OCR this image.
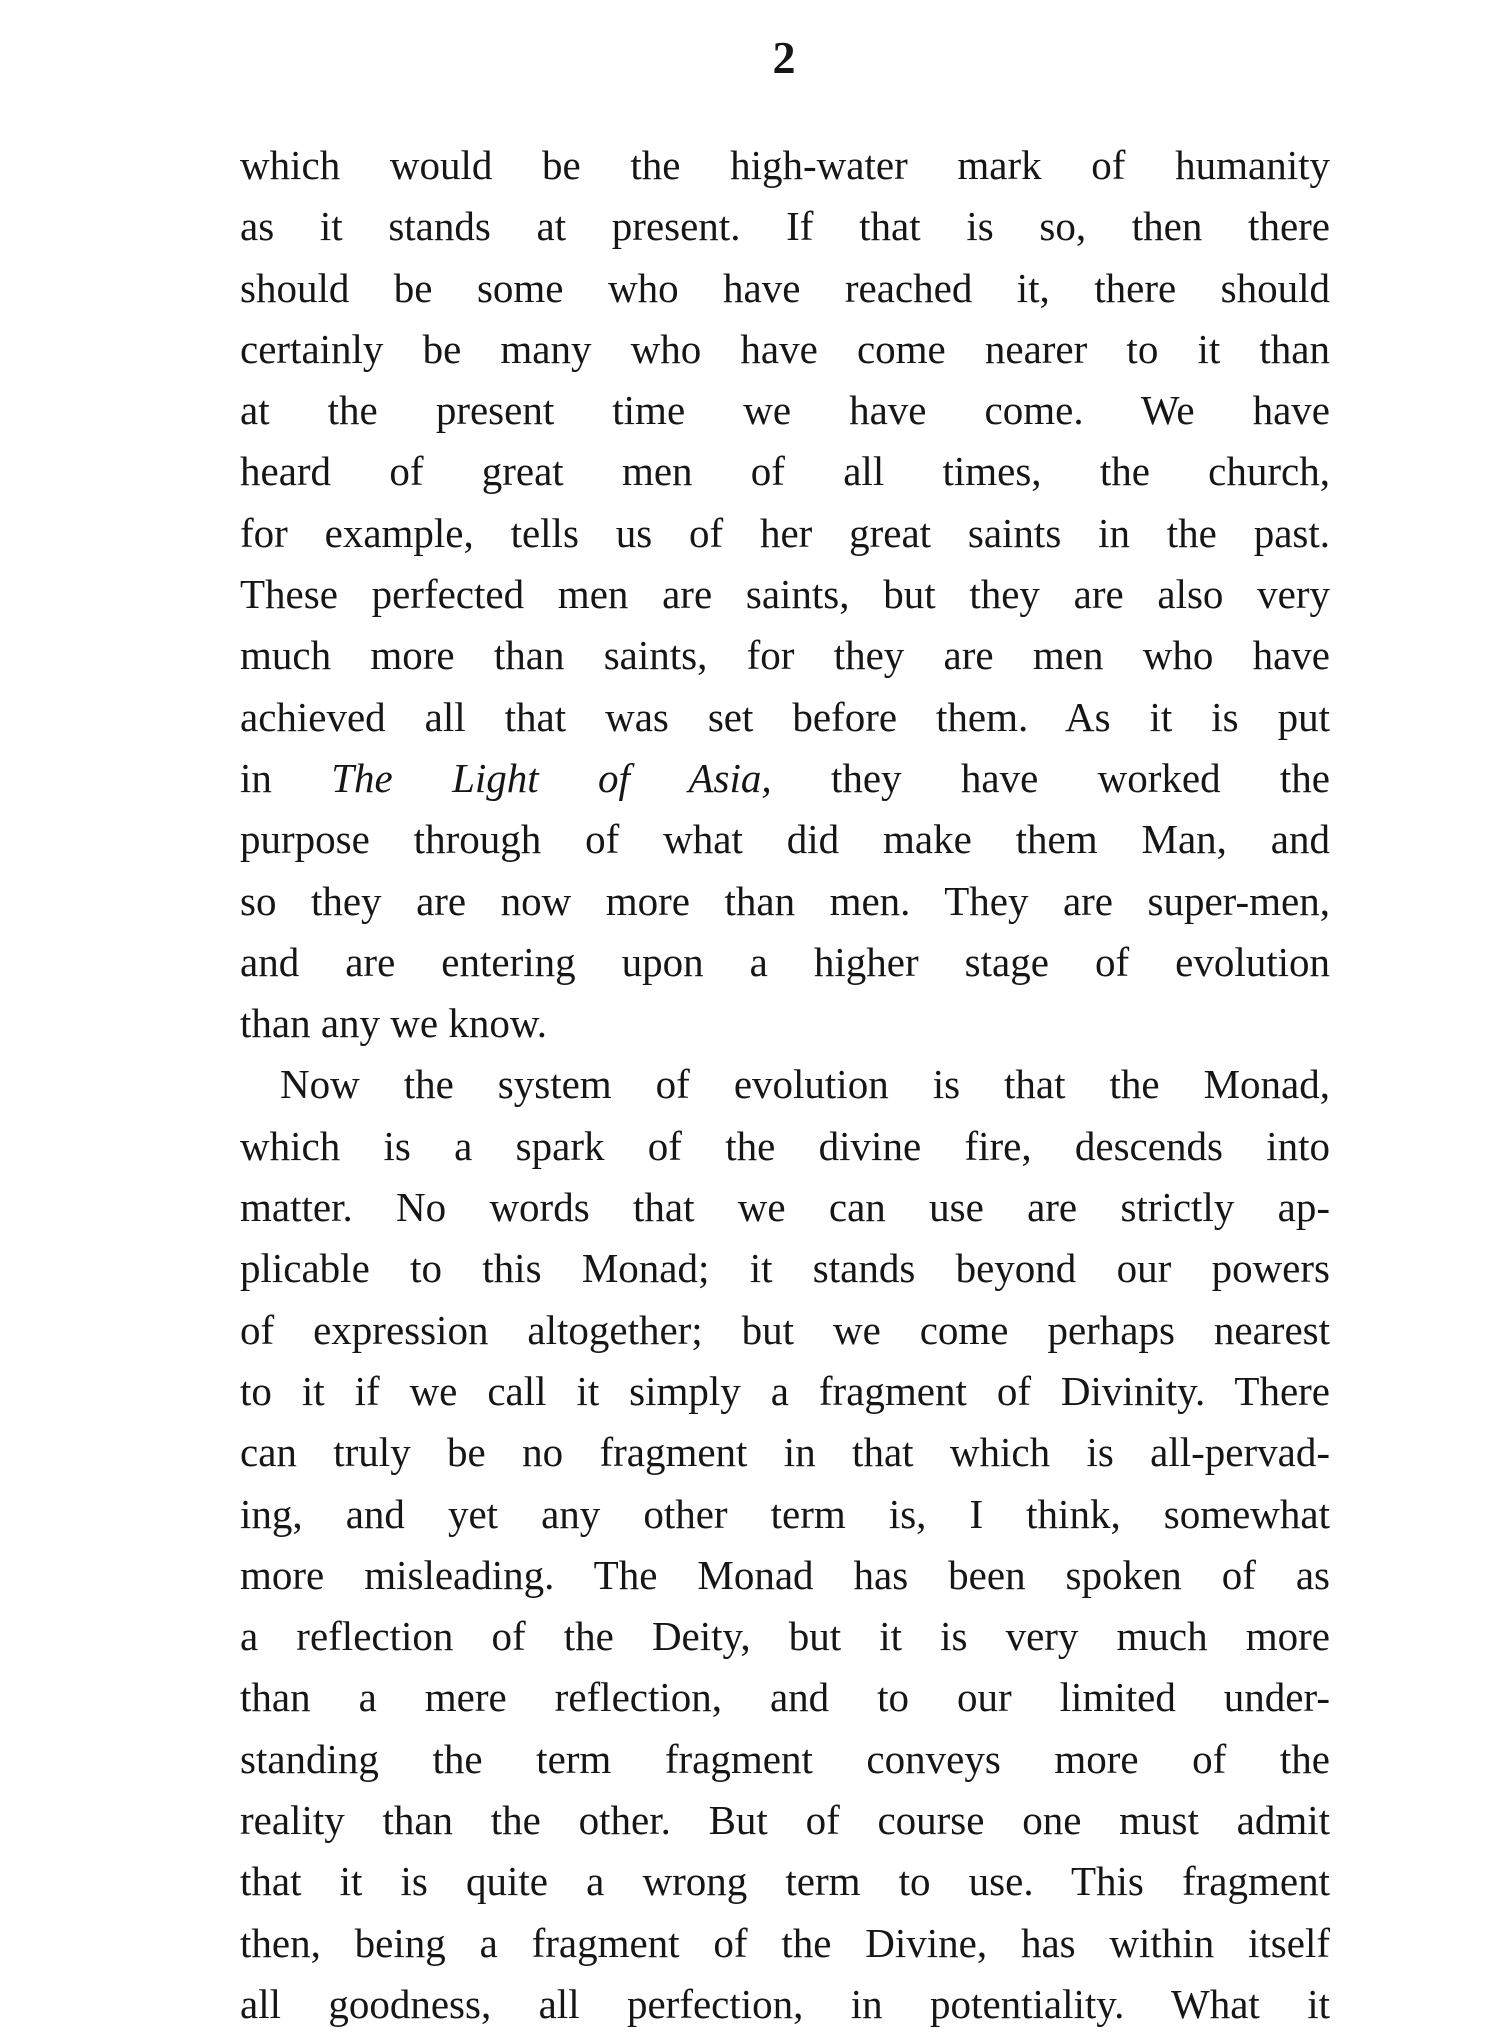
2
which would be the high-water mark of humanity
as it stands at present. If that is so, then there
should be some who have reached it, there should
certainly be many who have come nearer to it than
at the present time we have come. We have
heard of great men of all times, the church,
for example, tells us of her great saints in the past.
These perfected men are saints, but they are also very
much more than saints, for they are men who have
achieved all that was set before them. As it is put
in The Light of Asia, they have worked the
purpose through of what did make them Man, and
so they are now more than men. They are super-men,
and are entering upon a higher stage of evolution
than any we know.
Now the system of evolution is that the Monad,
which is a spark of the divine fire, descends into
matter. No words that we can use are strictly ap-
plicable to this Monad; it stands beyond our powers
of expression altogether; but we come perhaps nearest
to it if we call it simply a fragment of Divinity. There
can truly be no fragment in that which is all-pervad-
ing, and yet any other term is, I think, somewhat
more misleading. The Monad has been spoken of as
a reflection of the Deity, but it is very much more
than a mere reflection, and to our limited under-
standing the term fragment conveys more of the
reality than the other. But of course one must admit
that it is quite a wrong term to use. This fragment
then, being a fragment of the Divine, has within itself
all goodness, all perfection, in potentiality. What it
